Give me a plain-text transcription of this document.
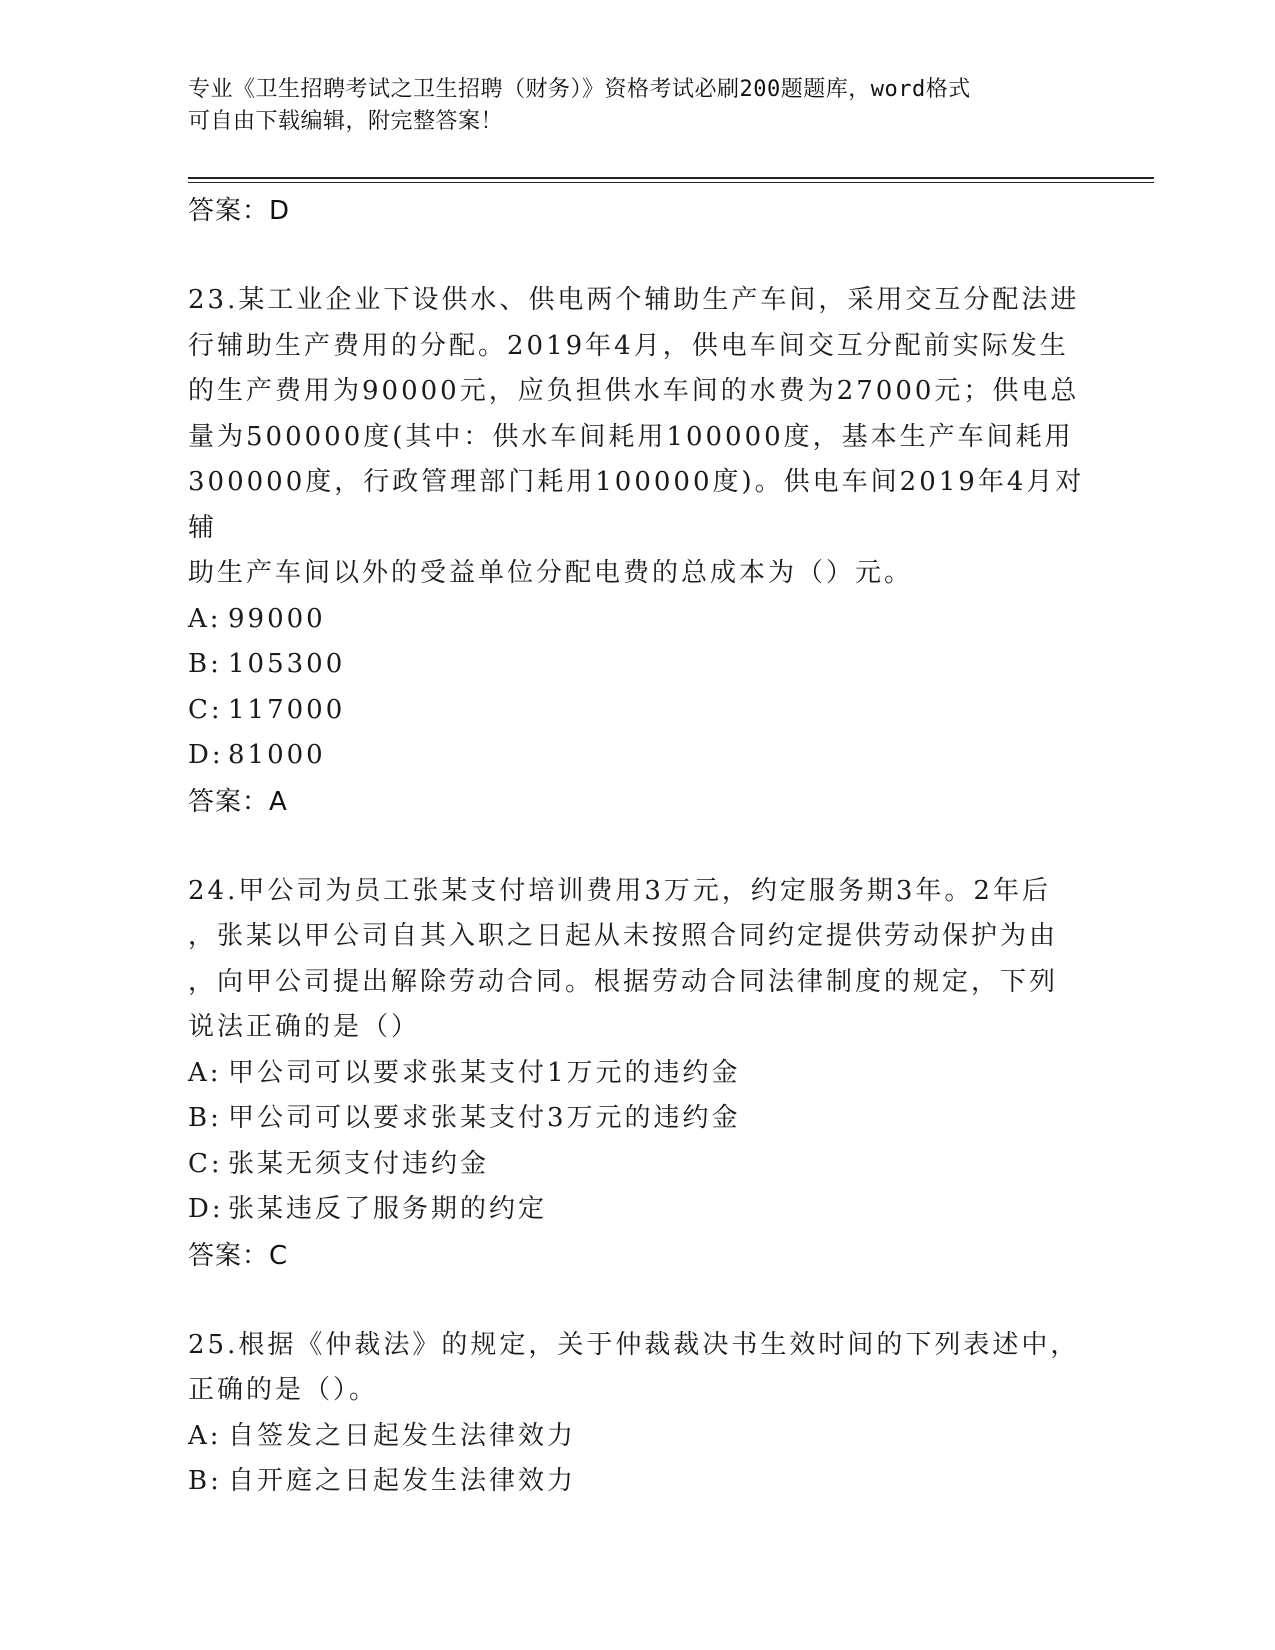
专业《卫生招聘考试之卫生招聘（财务）》资格考试必刷200题题库，word格式
可自由下载编辑，附完整答案！
答案：D

23.某工业企业下设供水、供电两个辅助生产车间，采用交互分配法进

行辅助生产费用的分配。2019年4月，供电车间交互分配前实际发生

的生产费用为90000元，应负担供水车间的水费为27000元；供电总

量为500000度(其中：供水车间耗用100000度，基本生产车间耗用

300000度，行政管理部门耗用100000度)。供电车间2019年4月对辅

助生产车间以外的受益单位分配电费的总成本为（）元。

A: 99000
B: 105300
C: 117000
D: 81000
答案：A

24.甲公司为员工张某支付培训费用3万元，约定服务期3年。2年后

，张某以甲公司自其入职之日起从未按照合同约定提供劳动保护为由

，向甲公司提出解除劳动合同。根据劳动合同法律制度的规定，下列

说法正确的是（）

A: 甲公司可以要求张某支付1万元的违约金
B: 甲公司可以要求张某支付3万元的违约金
C: 张某无须支付违约金
D: 张某违反了服务期的约定
答案：C

25.根据《仲裁法》的规定，关于仲裁裁决书生效时间的下列表述中，

正确的是（）。

A: 自签发之日起发生法律效力
B: 自开庭之日起发生法律效力
